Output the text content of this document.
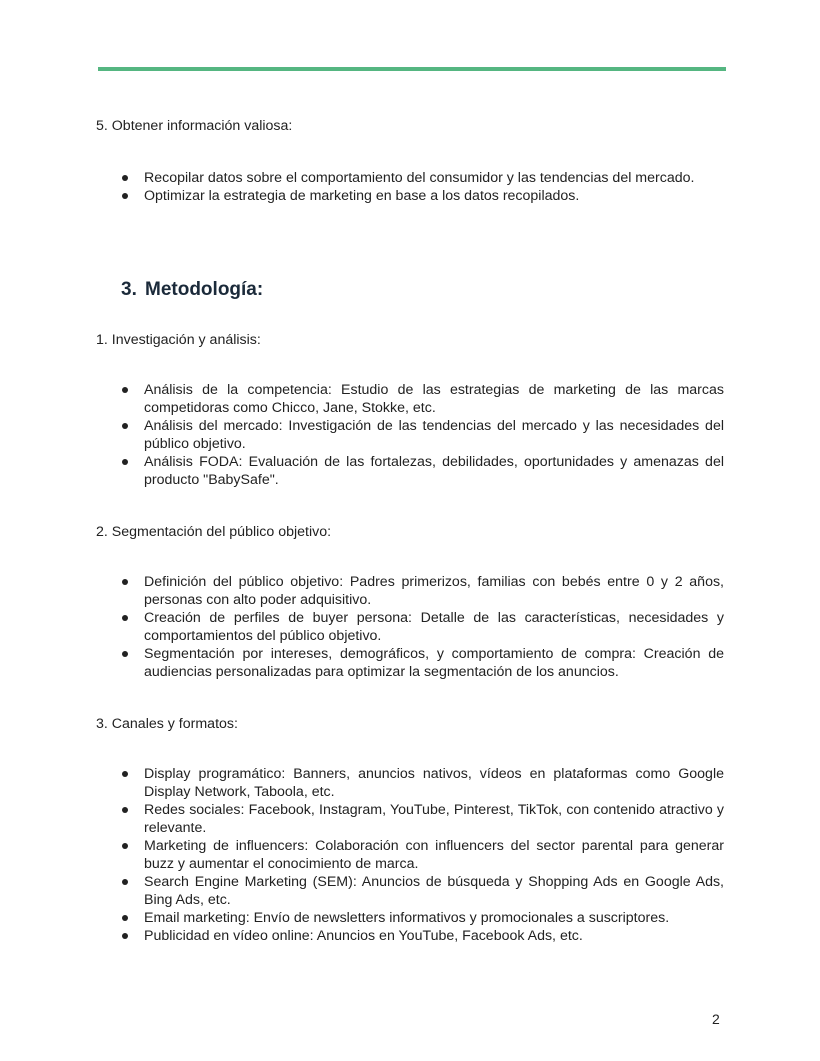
5. Obtener información valiosa:

Recopilar datos sobre el comportamiento del consumidor y las tendencias del mercado.
Optimizar la estrategia de marketing en base a los datos recopilados.
3. Metodología:

1. Investigación y análisis:

Análisis de la competencia: Estudio de las estrategias de marketing de las marcas competidoras como Chicco, Jane, Stokke, etc.
Análisis del mercado: Investigación de las tendencias del mercado y las necesidades del público objetivo.
Análisis FODA: Evaluación de las fortalezas, debilidades, oportunidades y amenazas del producto "BabySafe".

2. Segmentación del público objetivo:

Definición del público objetivo: Padres primerizos, familias con bebés entre 0 y 2 años, personas con alto poder adquisitivo.
Creación de perfiles de buyer persona: Detalle de las características, necesidades y comportamientos del público objetivo.
Segmentación por intereses, demográficos, y comportamiento de compra: Creación de audiencias personalizadas para optimizar la segmentación de los anuncios.

3. Canales y formatos:

Display programático: Banners, anuncios nativos, vídeos en plataformas como Google Display Network, Taboola, etc.
Redes sociales: Facebook, Instagram, YouTube, Pinterest, TikTok, con contenido atractivo y relevante.
Marketing de influencers: Colaboración con influencers del sector parental para generar buzz y aumentar el conocimiento de marca.
Search Engine Marketing (SEM): Anuncios de búsqueda y Shopping Ads en Google Ads, Bing Ads, etc.
Email marketing: Envío de newsletters informativos y promocionales a suscriptores.
Publicidad en vídeo online: Anuncios en YouTube, Facebook Ads, etc.
2
